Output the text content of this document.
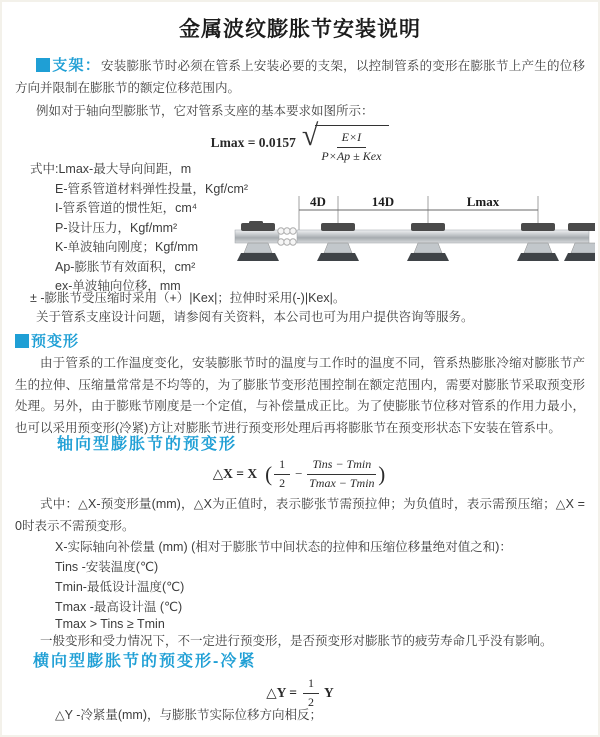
金属波纹膨胀节安装说明
支架：安装膨胀节时必须在管系上安装必要的支架，以控制管系的变形在膨胀节上产生的位移方向并限制在膨胀节的额定位移范围内。
例如对于轴向型膨胀节，它对管系支座的基本要求如图所示：
Lmax = 0.0157 √ $\frac{E\times I}{\text{P×Ap ± Kex}}$
式中:Lmax-最大导向间距，m
E-管系管道材料弹性投量，Kgf/cm²
I-管系管道的惯性矩，cm⁴
P-设计压力，Kgf/mm²
K-单波轴向刚度；Kgf/mm
Ap-膨胀节有效面积，cm²
ex-单波轴向位移，mm
± -膨胀节受压缩时采用（+）|Kex|；拉伸时采用(-)|Kex|。
关于管系支座设计问题，请参阅有关资料，本公司也可为用户提供咨询等服务。
4D	14D	Lmax
预变形
由于管系的工作温度变化，安装膨胀节时的温度与工作时的温度不同，管系热膨胀冷缩对膨胀节产生的拉伸、压缩量常常是不均等的，为了膨胀节变形范围控制在额定范围内，需要对膨胀节采取预变形处理。另外，由于膨账节刚度是一个定值，与补偿量成正比。为了使膨胀节位移对管系的作用力最小，也可以采用预变形(冷紧)方让对膨胀节进行预变形处理后再将膨胀节在预变形状态下安装在管系中。
轴向型膨胀节的预变形
△X = X ( $\frac{1}{2} - \frac{\text{Tins − Tmin}}{Tmax - Tmin}$ )
式中：△X-预变形量(mm)，△X为正值时，表示膨张节需预拉伸；为负值时，表示需预压缩；△X = 0时表示不需预变形。
X-实际轴向补偿量 (mm) (相对于膨胀节中间状态的拉伸和压缩位移量绝对值之和)：
Tins -安装温度(℃)
Tmin-最低设计温度(℃)
Tmax -最高设计温 (℃)
Tmax > Tins ≥ Tmin
一般变形和受力情况下，不一定进行预变形，是否预变形对膨胀节的疲劳寿命几乎没有影响。
横向型膨胀节的预变形-冷紧
△Y = $\frac{1}{2}$ Y
△Y -冷紧量(mm)，与膨胀节实际位移方向相反；
